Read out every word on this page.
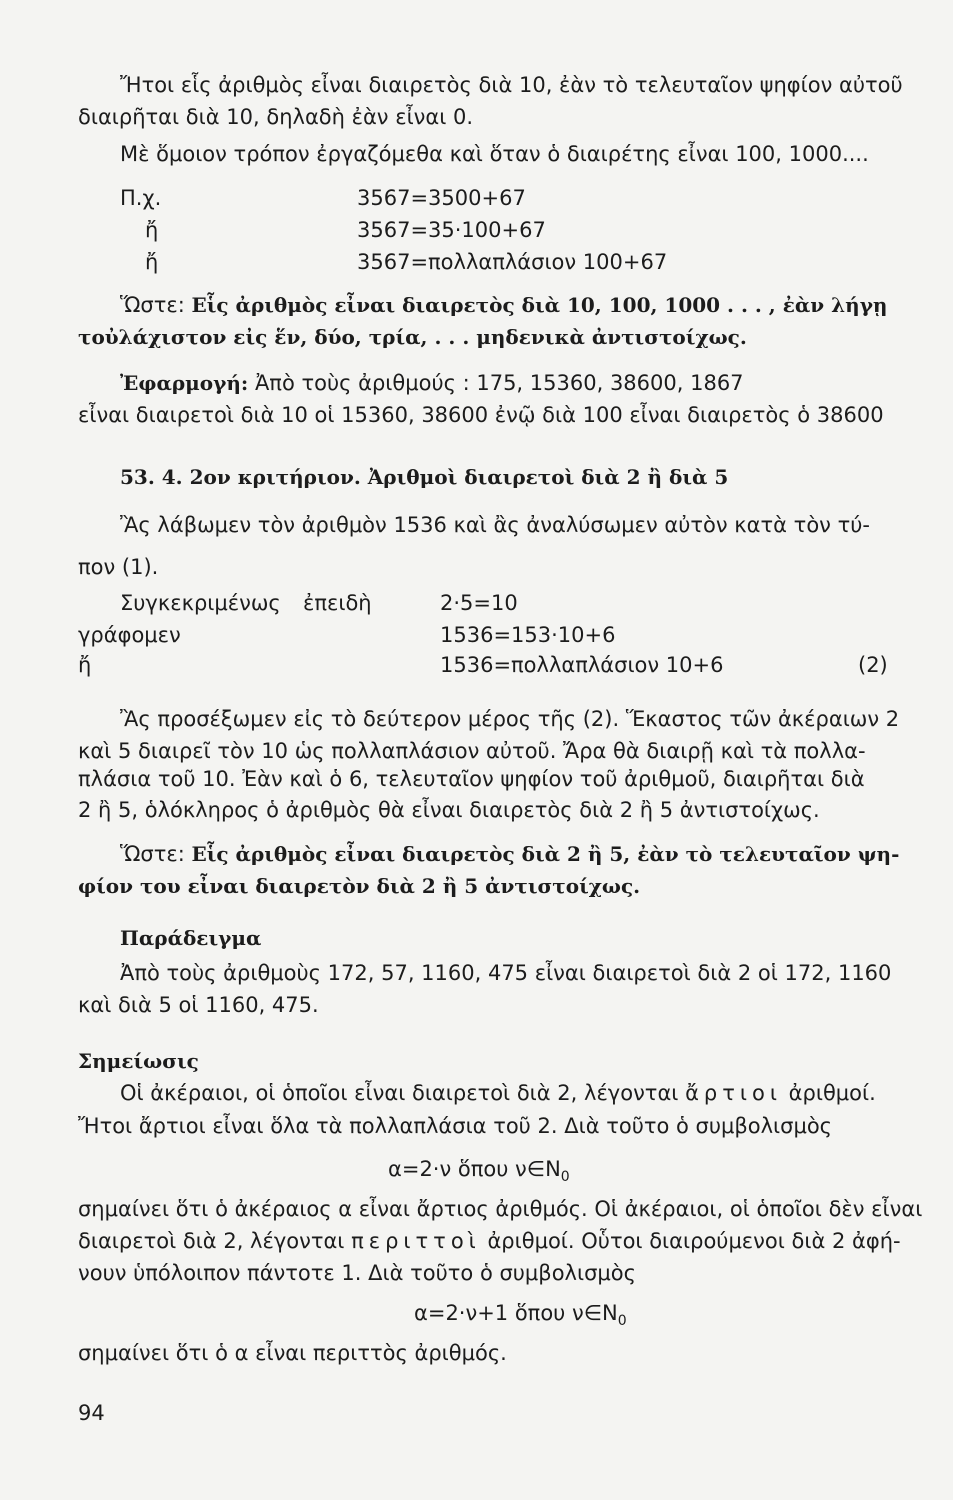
Ἤτοι εἷς ἀριθμὸς εἶναι διαιρετὸς διὰ 10, ἐὰν τὸ τελευταῖον ψηφίον αὐτοῦ
διαιρῆται διὰ 10, δηλαδὴ ἐὰν εἶναι 0.
Μὲ ὅμοιον τρόπον ἐργαζόμεθα καὶ ὅταν ὁ διαιρέτης εἶναι 100, 1000....
Π.χ.
ἤ
ἤ
3567=3500+67
3567=35·100+67
3567=πολλαπλάσιον 100+67
Ὥστε: Εἷς ἀριθμὸς εἶναι διαιρετὸς διὰ 10, 100, 1000 . . . , ἐὰν λήγῃ
τοὐλάχιστον εἰς ἕν, δύο, τρία, . . . μηδενικὰ ἀντιστοίχως.
Ἐφαρμογή: Ἀπὸ τοὺς ἀριθμούς : 175, 15360, 38600, 1867
εἶναι διαιρετοὶ διὰ 10 οἱ 15360, 38600 ἐνῷ διὰ 100 εἶναι διαιρετὸς ὁ 38600
53. 4. 2ον κριτήριον. Ἀριθμοὶ διαιρετοὶ διὰ 2 ἢ διὰ 5
Ἂς λάβωμεν τὸν ἀριθμὸν 1536 καὶ ἂς ἀναλύσωμεν αὐτὸν κατὰ τὸν τύ-
πον (1).
Συγκεκριμένως ἐπειδὴ
γράφομεν
ἤ
2·5=10
1536=153·10+6
1536=πολλαπλάσιον 10+6	(2)
Ἂς προσέξωμεν εἰς τὸ δεύτερον μέρος τῆς (2). Ἕκαστος τῶν ἀκέραιων 2
καὶ 5 διαιρεῖ τὸν 10 ὡς πολλαπλάσιον αὐτοῦ. Ἄρα θὰ διαιρῇ καὶ τὰ πολλα-
πλάσια τοῦ 10. Ἐὰν καὶ ὁ 6, τελευταῖον ψηφίον τοῦ ἀριθμοῦ, διαιρῆται διὰ
2 ἢ 5, ὁλόκληρος ὁ ἀριθμὸς θὰ εἶναι διαιρετὸς διὰ 2 ἢ 5 ἀντιστοίχως.
Ὥστε: Εἷς ἀριθμὸς εἶναι διαιρετὸς διὰ 2 ἢ 5, ἐὰν τὸ τελευταῖον ψη-
φίον του εἶναι διαιρετὸν διὰ 2 ἢ 5 ἀντιστοίχως.
Παράδειγμα
Ἀπὸ τοὺς ἀριθμοὺς 172, 57, 1160, 475 εἶναι διαιρετοὶ διὰ 2 οἱ 172, 1160
καὶ διὰ 5 οἱ 1160, 475.
Σημείωσις
Οἱ ἀκέραιοι, οἱ ὁποῖοι εἶναι διαιρετοὶ διὰ 2, λέγονται ἄρτιοι ἀριθμοί.
Ἤτοι ἄρτιοι εἶναι ὅλα τὰ πολλαπλάσια τοῦ 2. Διὰ τοῦτο ὁ συμβολισμὸς
α=2·ν ὅπου $\nu\in N_0$
σημαίνει ὅτι ὁ ἀκέραιος α εἶναι ἄρτιος ἀριθμός. Οἱ ἀκέραιοι, οἱ ὁποῖοι δὲν εἶναι
διαιρετοὶ διὰ 2, λέγονται περιττοὶ ἀριθμοί. Οὗτοι διαιρούμενοι διὰ 2 ἀφή-
νουν ὑπόλοιπον πάντοτε 1. Διὰ τοῦτο ὁ συμβολισμὸς
α=2·ν+1 ὅπου $\nu\in N_0$
σημαίνει ὅτι ὁ α εἶναι περιττὸς ἀριθμός.
94
